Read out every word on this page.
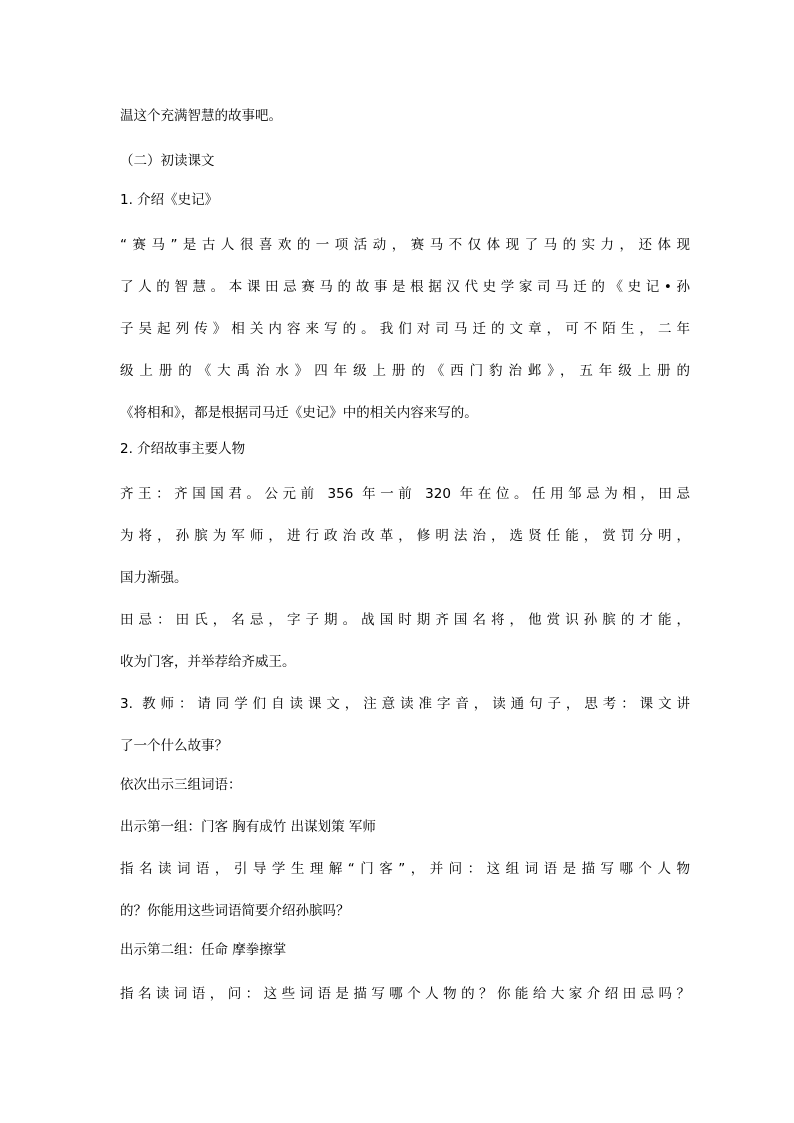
温这个充满智慧的故事吧。
（二）初读课文
1. 介绍《史记》
“赛马”是古人很喜欢的一项活动，赛马不仅体现了马的实力，还体现
了人的智慧。本课田忌赛马的故事是根据汉代史学家司马迁的《史记•孙
子吴起列传》相关内容来写的。我们对司马迁的文章，可不陌生，二年
级上册的《大禹治水》四年级上册的《西门豹治邺》，五年级上册的
《将相和》，都是根据司马迁《史记》中的相关内容来写的。
2. 介绍故事主要人物
齐王：齐国国君。公元前 356 年一前 320 年在位。任用邹忌为相，田忌
为将，孙膑为军师，进行政治改革，修明法治，选贤任能，赏罚分明，
国力渐强。
田忌：田氏，名忌，字子期。战国时期齐国名将，他赏识孙膑的才能，
收为门客，并举荐给齐威王。
3. 教师：请同学们自读课文，注意读准字音，读通句子，思考：课文讲
了一个什么故事？
依次出示三组词语：
出示第一组：门客 胸有成竹 出谋划策 军师
指名读词语，引导学生理解“门客”，并问：这组词语是描写哪个人物
的？你能用这些词语简要介绍孙膑吗？
出示第二组：任命 摩拳擦掌
指名读词语，问：这些词语是描写哪个人物的？你能给大家介绍田忌吗？
